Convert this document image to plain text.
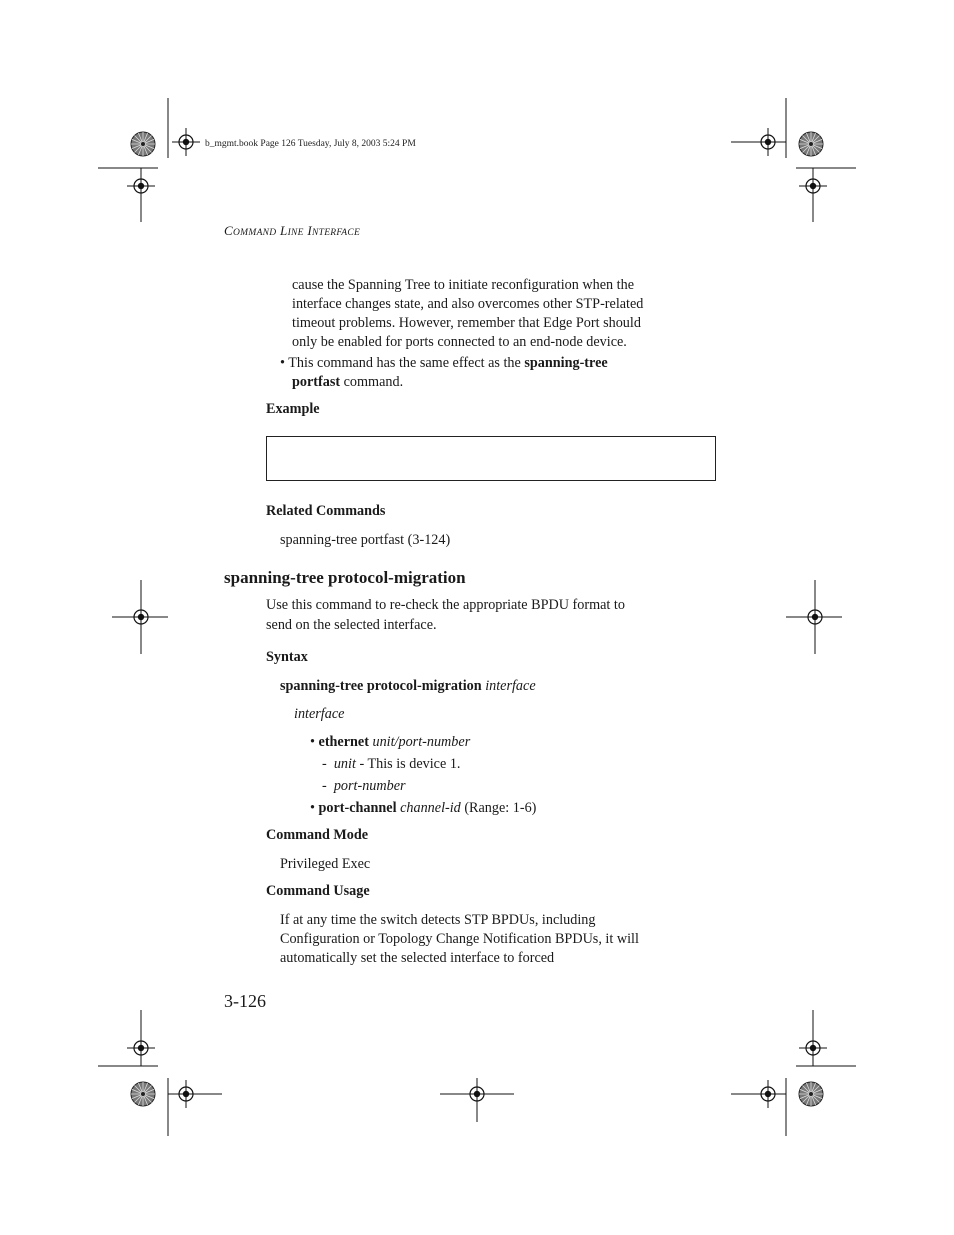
b_mgmt.book Page 126 Tuesday, July 8, 2003 5:24 PM
COMMAND LINE INTERFACE
cause the Spanning Tree to initiate reconfiguration when the
interface changes state, and also overcomes other STP-related
timeout problems. However, remember that Edge Port should
only be enabled for ports connected to an end-node device.
• This command has the same effect as the spanning-tree
portfast command.
Example
Related Commands
spanning-tree portfast (3-124)
spanning-tree protocol-migration
Use this command to re-check the appropriate BPDU format to
send on the selected interface.
Syntax
spanning-tree protocol-migration interface
interface
• ethernet unit/port-number
-  unit - This is device 1.
-  port-number
• port-channel channel-id (Range: 1-6)
Command Mode
Privileged Exec
Command Usage
If at any time the switch detects STP BPDUs, including
Configuration or Topology Change Notification BPDUs, it will
automatically set the selected interface to forced
3-126
